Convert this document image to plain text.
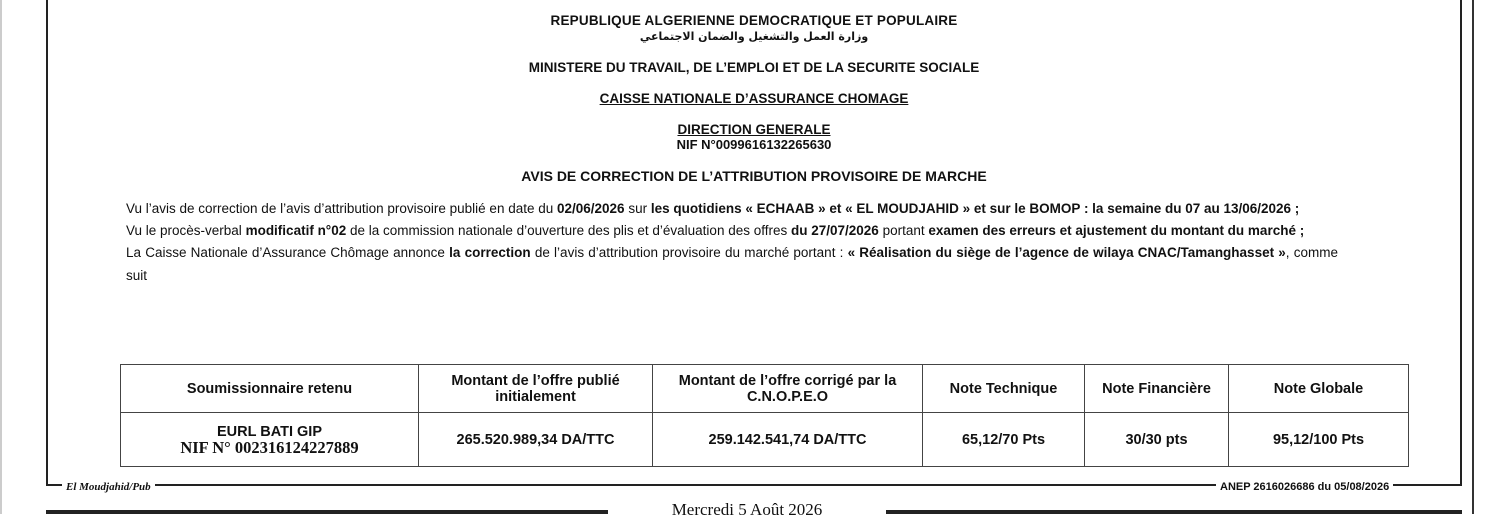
REPUBLIQUE ALGERIENNE DEMOCRATIQUE ET POPULAIRE
وزارة العمل والتشغيل والضمان الاجتماعي
MINISTERE DU TRAVAIL, DE L’EMPLOI ET DE LA SECURITE SOCIALE
CAISSE NATIONALE D’ASSURANCE CHOMAGE
DIRECTION GENERALE
NIF N°0099616132265630
AVIS DE CORRECTION DE L’ATTRIBUTION PROVISOIRE DE MARCHE

Vu l’avis de correction de l’avis d’attribution provisoire publié en date du 02/06/2026 sur les quotidiens « ECHAAB » et « EL MOUDJAHID » et sur le BOMOP : la semaine du 07 au 13/06/2026 ;

Vu le procès-verbal modificatif n°02 de la commission nationale d’ouverture des plis et d’évaluation des offres du 27/07/2026 portant examen des erreurs et ajustement du montant du marché ;

La Caisse Nationale d’Assurance Chômage annonce la correction de l’avis d’attribution provisoire du marché portant : « Réalisation du siège de l’agence de wilaya CNAC/Tamanghasset », comme suit

Soumissionnaire retenu	Montant de l’offre publié initialement	Montant de l’offre corrigé par la C.N.O.P.E.O	Note Technique	Note Financière	Note Globale

EURL BATI GIP
NIF N° 002316124227889	265.520.989,34 DA/TTC	259.142.541,74 DA/TTC	65,12/70 Pts	30/30 pts	95,12/100 Pts
El Moudjahid/Pub	ANEP 2616026686 du 05/08/2026
Mercredi 5 Août 2026
